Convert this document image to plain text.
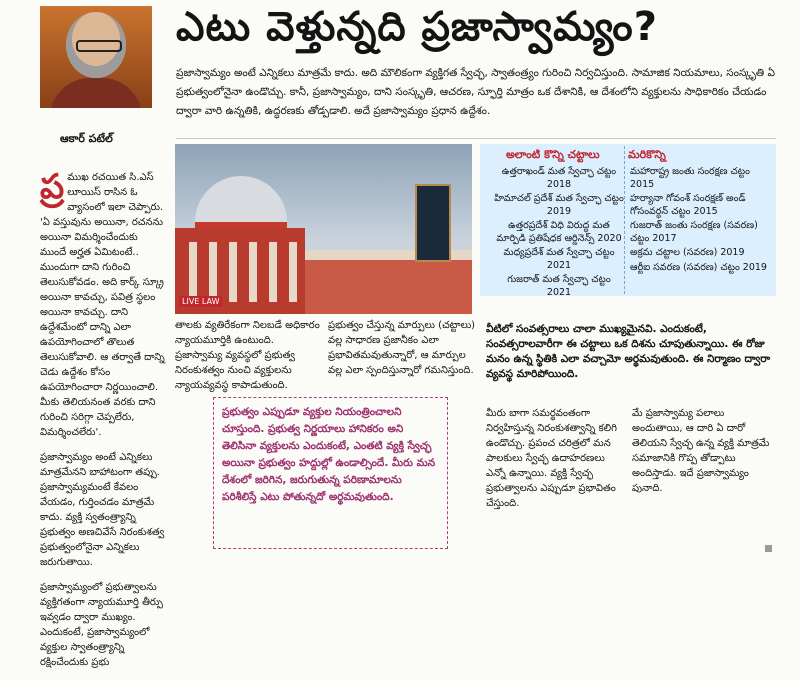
ఎటు వెళ్తున్నది ప్రజాస్వామ్యం?
ఆకార్ పటేల్

ప్రజాస్వామ్యం అంటే ఎన్నికలు మాత్రమే కాదు. అది మౌలికంగా వ్యక్తిగత స్వేచ్ఛ, స్వాతంత్ర్యం గురించి నిర్వచిస్తుంది. సామాజిక నియమాలు, సంస్కృతి ఏ ప్రభుత్వంలోనైనా ఉండొచ్చు. కానీ, ప్రజాస్వామ్యం, దాని సంస్కృతి, ఆచరణ, స్ఫూర్తి మాత్రం ఒక దేశానికి, ఆ దేశంలోని వ్యక్తులను సాధికారికం చేయడం ద్వారా వారి ఉన్నతికి, ఉద్ధరణకు తోడ్పడాలి. అదే ప్రజాస్వామ్యం ప్రధాన ఉద్దేశం.

ప్ర ముఖ రచయిత సి.ఎస్ లూయిస్ రాసిన ఓ వ్యాసంలో ఇలా చెప్పారు. 'ఏ వస్తువును అయినా, రచనను అయినా విమర్శించేందుకు ముందే అర్హత ఏమిటంటే.. ముందుగా దాని గురించి తెలుసుకోవడం. అది కార్క్ స్క్రూ అయినా కావచ్చు, పవిత్ర స్థలం అయినా కావచ్చు. దాని ఉద్దేశమేంటో దాన్ని ఎలా ఉపయోగించాలో తొలుత తెలుసుకోవాలి. ఆ తర్వాతే దాన్ని చెడు ఉద్దేశం కోసం ఉపయోగించారా నిర్ణయించాలి. మీకు తెలియనంత వరకు దాని గురించి సరిగ్గా చెప్పలేరు, విమర్శించలేరు'.

ప్రజాస్వామ్యం అంటే ఎన్నికలు మాత్రమేనని బాహాటంగా తప్పు. ప్రజాస్వామ్యమంటే కేవలం వేయడం, గుర్తించడం మాత్రమే కాదు. వ్యక్తి స్వతంత్ర్యాన్ని ప్రభుత్వం అణచివేసే నిరంకుశత్వ ప్రభుత్వంలోనైనా ఎన్నికలు జరుగుతాయి.

ప్రజాస్వామ్యంలో ప్రభుత్వాలను వ్యక్తిగతంగా న్యాయమూర్తి తీర్పు ఇవ్వడం ద్వారా ముఖ్యం. ఎందుకంటే, ప్రజాస్వామ్యంలో వ్యక్తుల స్వాతంత్ర్యాన్ని రక్షించేందుకు ప్రభు

LIVE LAW

తాలకు వ్యతిరేకంగా నిలబడే అధికారం న్యాయమూర్తికి ఉంటుంది. ప్రజాస్వామ్య వ్యవస్థలో ప్రభుత్వ నిరంకుశత్వం నుంచి వ్యక్తులను న్యాయవ్యవస్థ కాపాడుతుంది.

ప్రభుత్వం చేస్తున్న మార్పులు (చట్టాలు) వల్ల సాధారణ ప్రజానీకం ఎలా ప్రభావితమవుతున్నారో, ఆ మార్పుల వల్ల ఎలా స్పందిస్తున్నారో గమనిస్తుంది.

ప్రభుత్వం ఎప్పుడూ వ్యక్తుల నియంత్రించాలని చూస్తుంది. ప్రభుత్వ నిర్ణయాలు హానికరం అని తెలిసినా వ్యక్తులను ఎందుకంటే, ఎంతటి వ్యక్తి స్వేచ్ఛ అయినా ప్రభుత్వం హద్దుల్లో ఉండాల్సిందే. మీరు మన దేశంలో జరిగిన, జరుగుతున్న పరిణామాలను పరిశీలిస్తే ఎటు పోతున్నదో అర్థమవుతుంది.
అలాంటి కొన్ని చట్టాలు	మరికొన్ని
ఉత్తరాఖండ్ మత స్వేచ్ఛా చట్టం 2018
హిమాచల్ ప్రదేశ్ మత స్వేచ్ఛా చట్టం 2019
ఉత్తరప్రదేశ్ విధి విరుద్ధ మత మార్పిడి ప్రతిషేధక ఆర్డినెన్స్ 2020
మధ్యప్రదేశ్ మత స్వేచ్ఛా చట్టం 2021
గుజరాత్ మత స్వేచ్ఛా చట్టం 2021
మహారాష్ట్ర జంతు సంరక్షణ చట్టం 2015
హర్యానా గోవంశ్ సంరక్షణ్ అండ్ గోసంవర్ధన్ చట్టం 2015
గుజరాత్ జంతు సంరక్షణ (సవరణ) చట్టం 2017
అక్రమ చట్టాల (సవరణ) 2019
ఆర్టీఐ సవరణ (సవరణ) చట్టం 2019
వీటిలో సంవత్సరాలు చాలా ముఖ్యమైనవి. ఎందుకంటే, సంవత్సరాలవారీగా ఈ చట్టాలు ఒక దిశను చూపుతున్నాయి. ఈ రోజు మనం ఉన్న స్థితికి ఎలా వచ్చామో అర్థమవుతుంది. ఈ నిర్మాణం ద్వారా వ్యవస్థ మారిపోయింది.

మీరు బాగా సమర్థవంతంగా నిర్వహిస్తున్న నిరంకుశత్వాన్ని కలిగి ఉండొచ్చు. ప్రపంచ చరిత్రలో మన పాలకులు స్వేచ్ఛ ఉదాహరణలు ఎన్నో ఉన్నాయి. వ్యక్తి స్వేచ్ఛ ప్రభుత్వాలను ఎప్పుడూ ప్రభావితం చేస్తుంది.

మే ప్రజాస్వామ్య పలాలు అందుతాయి, ఆ దారి ఏ దారో తెలియని స్వేచ్ఛ ఉన్న వ్యక్తి మాత్రమే సమాజానికి గొప్ప తోడ్పాటు అందిస్తాడు. ఇదే ప్రజాస్వామ్యం పునాది.
